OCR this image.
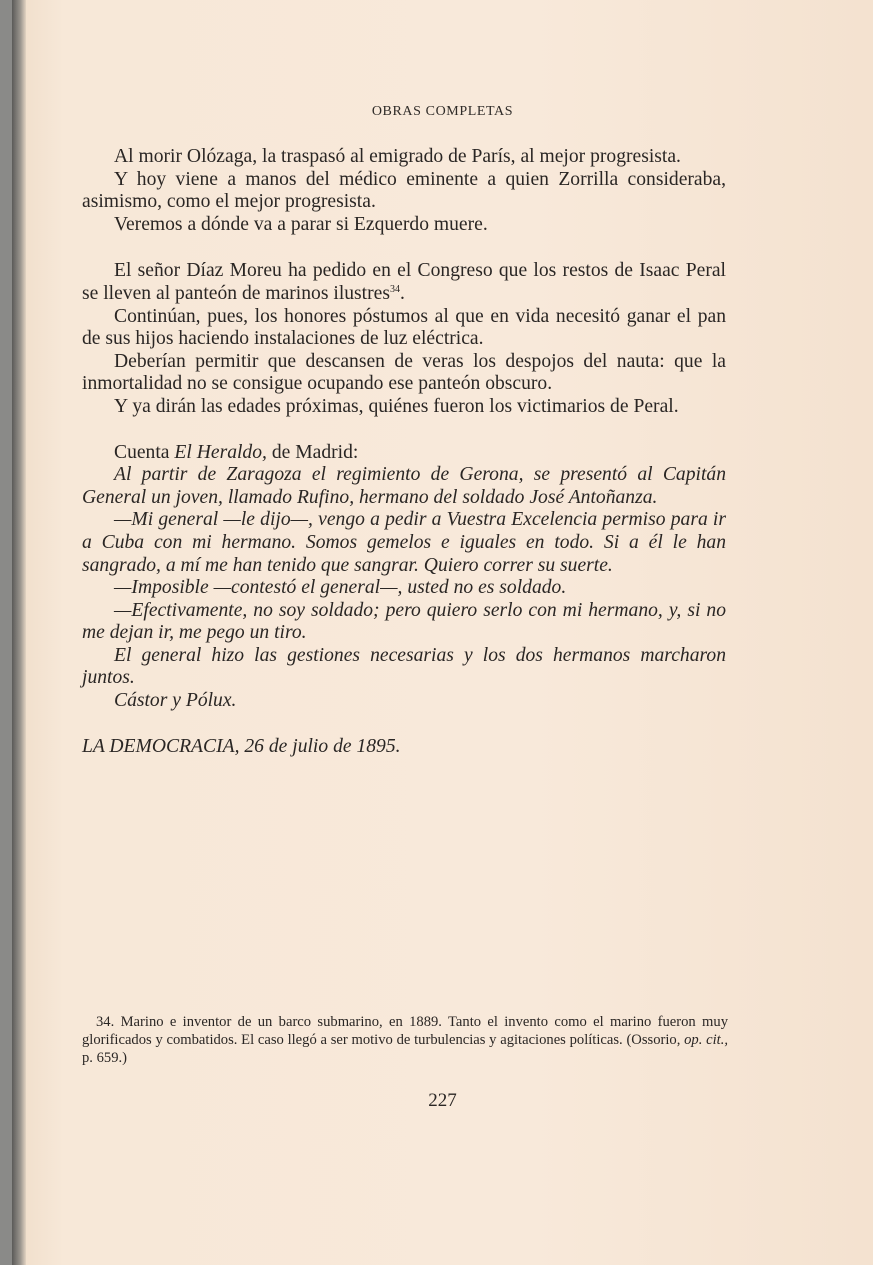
OBRAS COMPLETAS

Al morir Olózaga, la traspasó al emigrado de París, al mejor progresista.

Y hoy viene a manos del médico eminente a quien Zorrilla consideraba, asimismo, como el mejor progresista.

Veremos a dónde va a parar si Ezquerdo muere.

El señor Díaz Moreu ha pedido en el Congreso que los restos de Isaac Peral se lleven al panteón de marinos ilustres$^{34}$.

Continúan, pues, los honores póstumos al que en vida necesitó ganar el pan de sus hijos haciendo instalaciones de luz eléctrica.

Deberían permitir que descansen de veras los despojos del nauta: que la inmortalidad no se consigue ocupando ese panteón obscuro.

Y ya dirán las edades próximas, quiénes fueron los victimarios de Peral.

Cuenta El Heraldo, de Madrid:

Al partir de Zaragoza el regimiento de Gerona, se presentó al Capitán General un joven, llamado Rufino, hermano del soldado José Antoñanza.

—Mi general —le dijo—, vengo a pedir a Vuestra Excelencia permiso para ir a Cuba con mi hermano. Somos gemelos e iguales en todo. Si a él le han sangrado, a mí me han tenido que sangrar. Quiero correr su suerte.

—Imposible —contestó el general—, usted no es soldado.

—Efectivamente, no soy soldado; pero quiero serlo con mi hermano, y, si no me dejan ir, me pego un tiro.

El general hizo las gestiones necesarias y los dos hermanos marcharon juntos.

Cástor y Pólux.

LA DEMOCRACIA, 26 de julio de 1895.

34. Marino e inventor de un barco submarino, en 1889. Tanto el invento como el marino fueron muy glorificados y combatidos. El caso llegó a ser motivo de turbulencias y agitaciones políticas. (Ossorio, op. cit., p. 659.)

227
